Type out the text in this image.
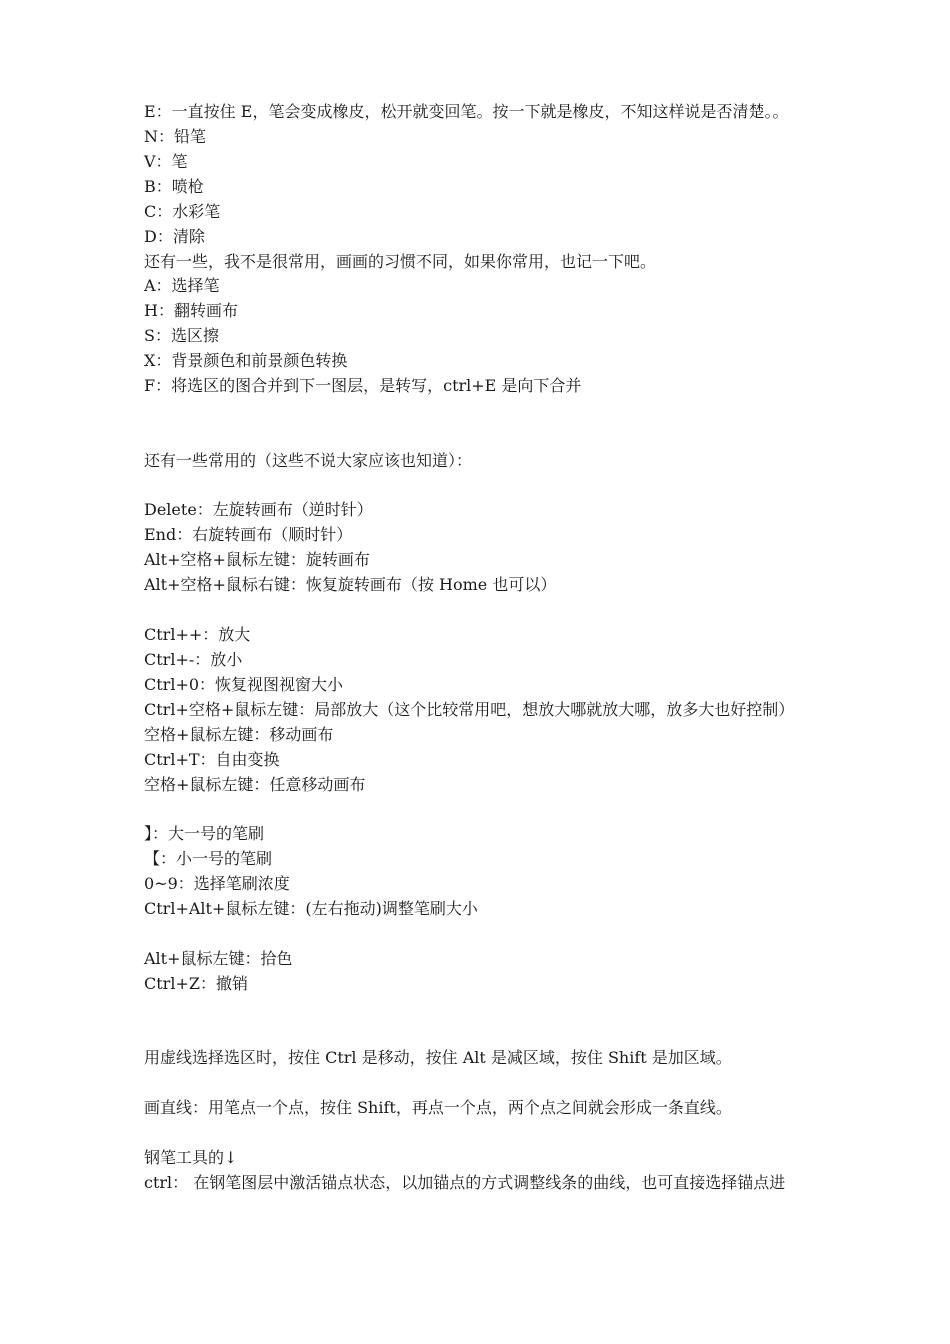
E：一直按住 E，笔会变成橡皮，松开就变回笔。按一下就是橡皮，不知这样说是否清楚。。

N：铅笔

V：笔

B：喷枪

C：水彩笔

D：清除

还有一些，我不是很常用，画画的习惯不同，如果你常用，也记一下吧。

A：选择笔

H：翻转画布

S：选区擦

X：背景颜色和前景颜色转换

F：将选区的图合并到下一图层，是转写，ctrl+E 是向下合并

还有一些常用的（这些不说大家应该也知道）：

Delete：左旋转画布（逆时针）

End：右旋转画布（顺时针）

Alt+空格+鼠标左键：旋转画布

Alt+空格+鼠标右键：恢复旋转画布（按 Home 也可以）

Ctrl++：放大

Ctrl+-：放小

Ctrl+0：恢复视图视窗大小

Ctrl+空格+鼠标左键：局部放大（这个比较常用吧，想放大哪就放大哪，放多大也好控制）

空格+鼠标左键：移动画布

Ctrl+T：自由变换

空格+鼠标左键：任意移动画布

】：大一号的笔刷

【：小一号的笔刷

0~9：选择笔刷浓度

Ctrl+Alt+鼠标左键：(左右拖动)调整笔刷大小

Alt+鼠标左键：拾色

Ctrl+Z：撤销

用虚线选择选区时，按住 Ctrl 是移动，按住 Alt 是减区域，按住 Shift 是加区域。

画直线：用笔点一个点，按住 Shift，再点一个点，两个点之间就会形成一条直线。

钢笔工具的↓

ctrl： 在钢笔图层中激活锚点状态，以加锚点的方式调整线条的曲线，也可直接选择锚点进
